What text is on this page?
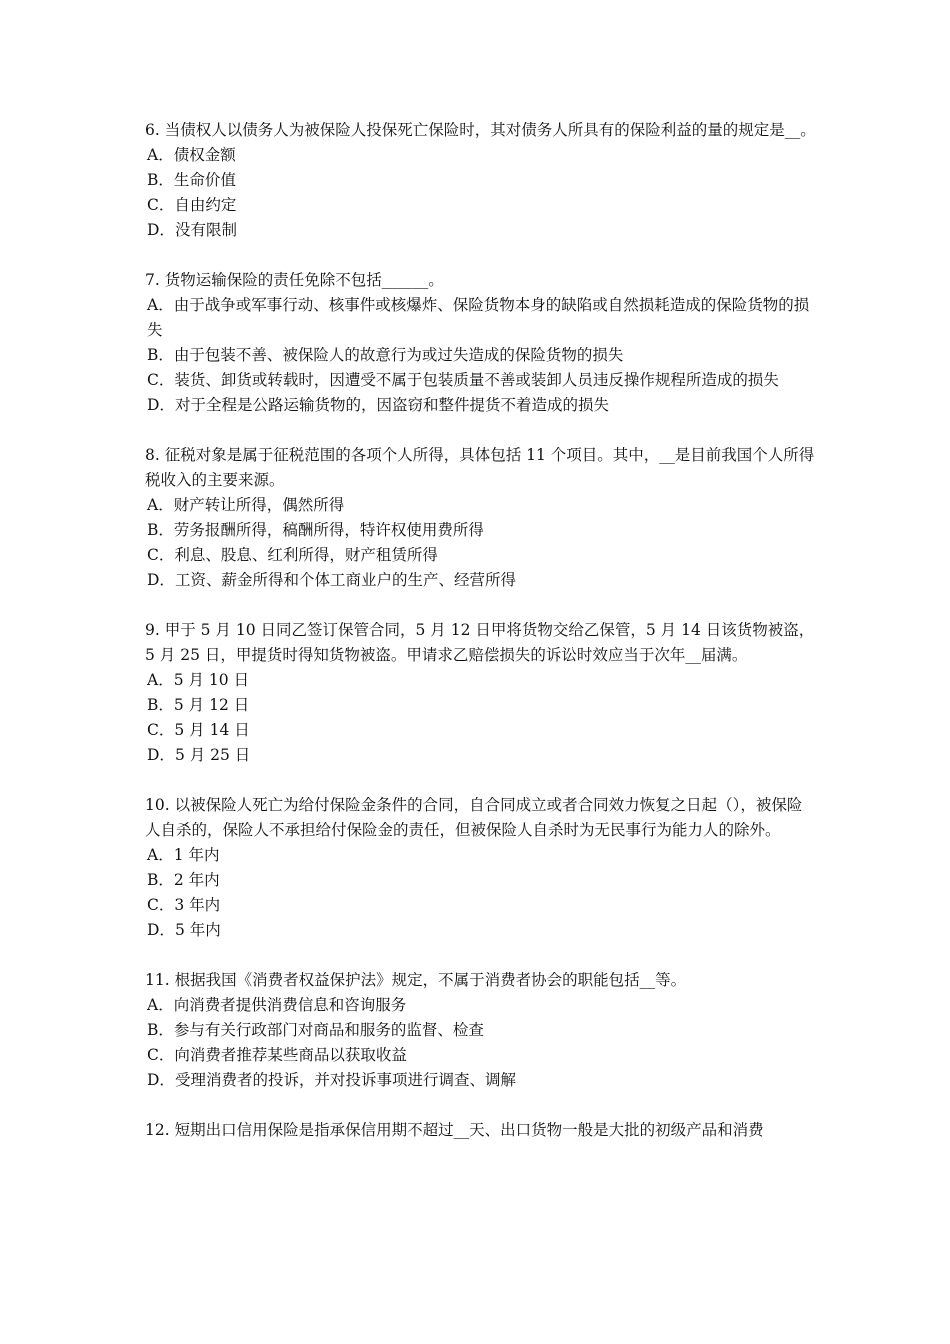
6. 当债权人以债务人为被保险人投保死亡保险时，其对债务人所具有的保险利益的量的规定是__。

A．债权金额
B．生命价值
C．自由约定
D．没有限制

7. 货物运输保险的责任免除不包括______。

A．由于战争或军事行动、核事件或核爆炸、保险货物本身的缺陷或自然损耗造成的保险货物的损失
B．由于包装不善、被保险人的故意行为或过失造成的保险货物的损失
C．装货、卸货或转载时，因遭受不属于包装质量不善或装卸人员违反操作规程所造成的损失
D．对于全程是公路运输货物的，因盗窃和整件提货不着造成的损失

8. 征税对象是属于征税范围的各项个人所得，具体包括 11 个项目。其中，__是目前我国个人所得税收入的主要来源。

A．财产转让所得，偶然所得
B．劳务报酬所得，稿酬所得，特许权使用费所得
C．利息、股息、红利所得，财产租赁所得
D．工资、薪金所得和个体工商业户的生产、经营所得

9. 甲于 5 月 10 日同乙签订保管合同，5 月 12 日甲将货物交给乙保管，5 月 14 日该货物被盗，5 月 25 日，甲提货时得知货物被盗。甲请求乙赔偿损失的诉讼时效应当于次年__届满。

A．5 月 10 日
B．5 月 12 日
C．5 月 14 日
D．5 月 25 日

10. 以被保险人死亡为给付保险金条件的合同，自合同成立或者合同效力恢复之日起（），被保险人自杀的，保险人不承担给付保险金的责任，但被保险人自杀时为无民事行为能力人的除外。

A．1 年内
B．2 年内
C．3 年内
D．5 年内

11. 根据我国《消费者权益保护法》规定，不属于消费者协会的职能包括__等。

A．向消费者提供消费信息和咨询服务
B．参与有关行政部门对商品和服务的监督、检查
C．向消费者推荐某些商品以获取收益
D．受理消费者的投诉，并对投诉事项进行调查、调解

12. 短期出口信用保险是指承保信用期不超过__天、出口货物一般是大批的初级产品和消费
